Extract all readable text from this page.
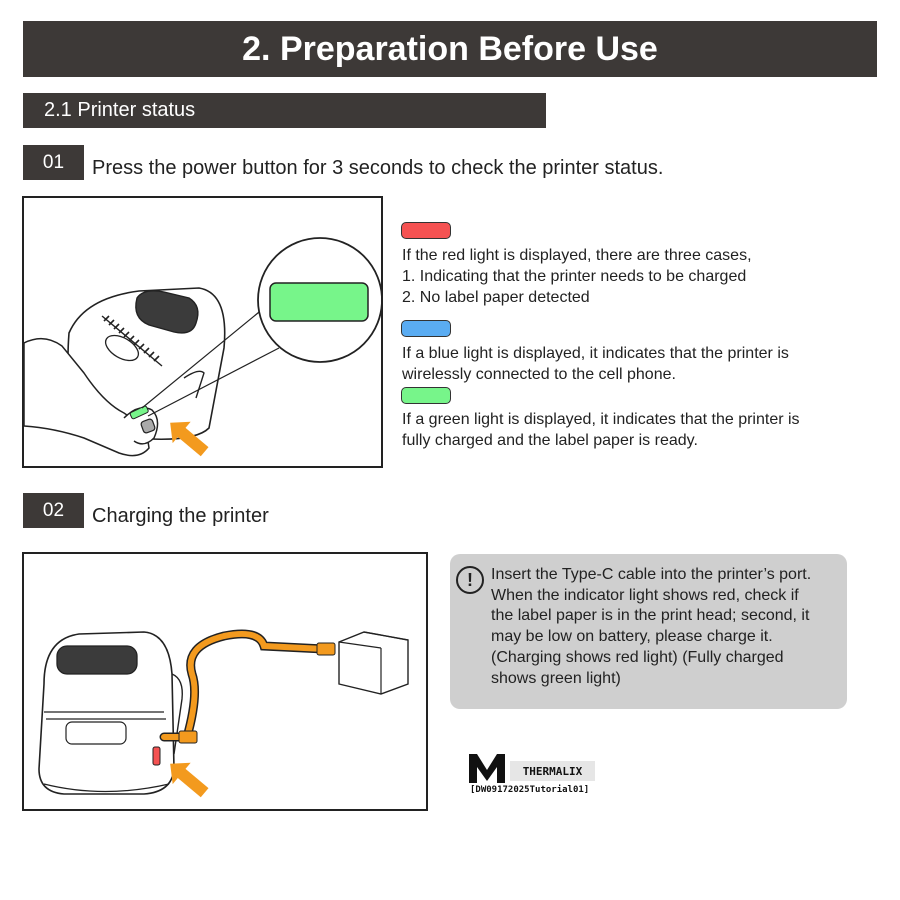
2. Preparation Before Use
2.1 Printer status
01	Press the power button for 3 seconds to check the printer status.
If the red light is displayed, there are three cases,
1. Indicating that the printer needs to be charged
2. No label paper detected
If a blue light is displayed, it indicates that the printer is
wirelessly connected to the cell phone.
If a green light is displayed, it indicates that the printer is
fully charged and the label paper is ready.
02	Charging the printer
!	Insert the Type-C cable into the printer’s port.
When the indicator light shows red, check if
the label paper is in the print head; second, it
may be low on battery, please charge it.
(Charging shows red light) (Fully charged
shows green light)
THERMALIX
[DW09172025Tutorial01]
